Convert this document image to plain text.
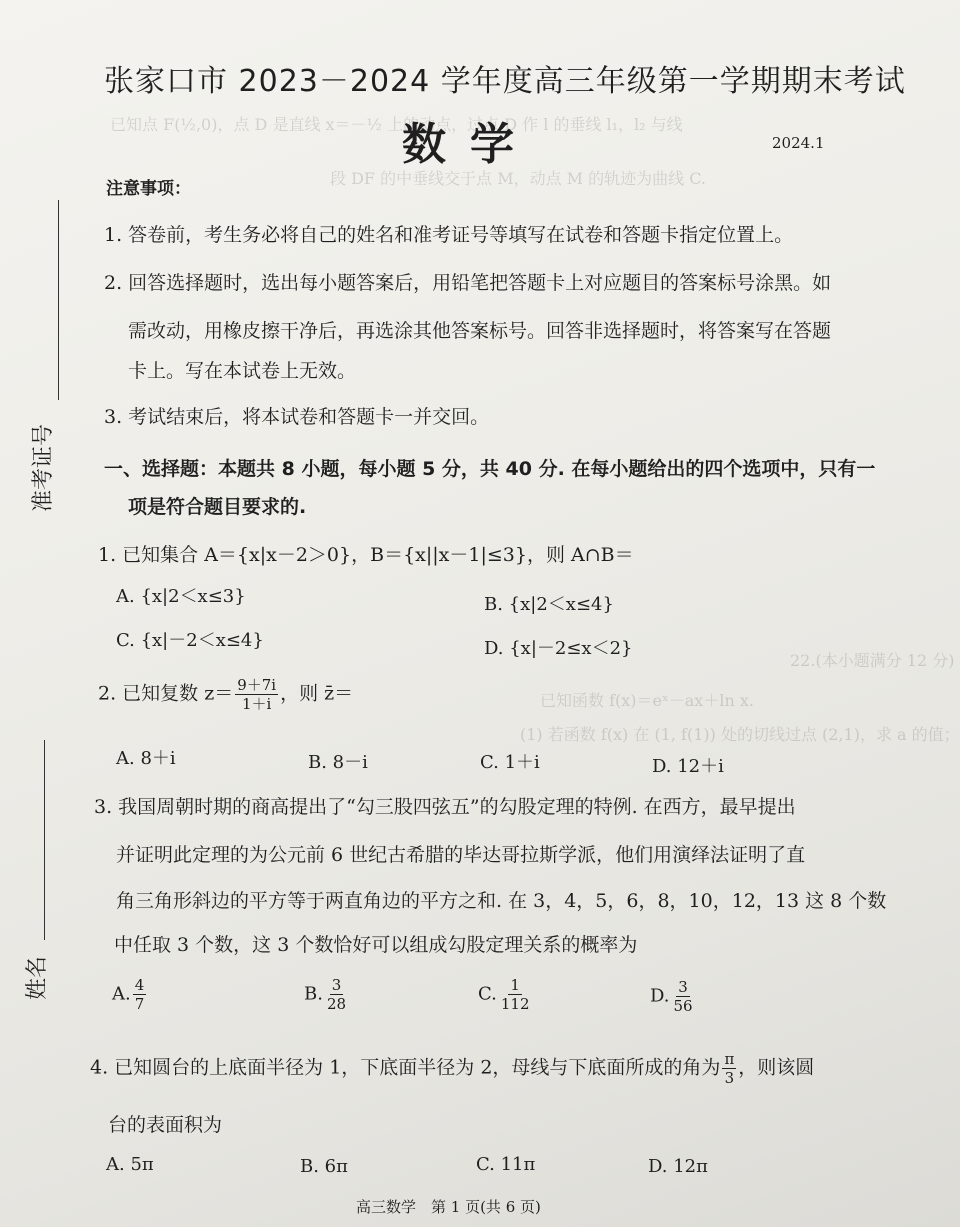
已知点 F(½,0)，点 D 是直线 x＝－½ 上的动点，过点 D 作 l 的垂线 l₁，l₂ 与线
段 DF 的中垂线交于点 M，动点 M 的轨迹为曲线 C.
22.(本小题满分 12 分)
已知函数 f(x)＝eˣ－ax＋ln x.
(1) 若函数 f(x) 在 (1, f(1)) 处的切线过点 (2,1)，求 a 的值；
张家口市 2023－2024 学年度高三年级第一学期期末考试
数学	2024.1
准考证号
姓名
注意事项：
1. 答卷前，考生务必将自己的姓名和准考证号等填写在试卷和答题卡指定位置上。
2. 回答选择题时，选出每小题答案后，用铅笔把答题卡上对应题目的答案标号涂黑。如
需改动，用橡皮擦干净后，再选涂其他答案标号。回答非选择题时，将答案写在答题
卡上。写在本试卷上无效。
3. 考试结束后，将本试卷和答题卡一并交回。
一、选择题：本题共 8 小题，每小题 5 分，共 40 分. 在每小题给出的四个选项中，只有一
项是符合题目要求的.
1. 已知集合 A＝{x|x－2＞0}，B＝{x||x－1|≤3}，则 A∩B＝
A. {x|2＜x≤3}	B. {x|2＜x≤4}
C. {x|－2＜x≤4}	D. {x|－2≤x＜2}
2. 已知复数 $z= \frac{9+7i}{1+i}$ ，则 z̄＝
A. 8＋i	B. 8－i	C. 1＋i	D. 12＋i
3. 我国周朝时期的商高提出了“勾三股四弦五”的勾股定理的特例. 在西方，最早提出
并证明此定理的为公元前 6 世纪古希腊的毕达哥拉斯学派，他们用演绎法证明了直
角三角形斜边的平方等于两直角边的平方之和. 在 3，4，5，6，8，10，12，13 这 8 个数
中任取 3 个数，这 3 个数恰好可以组成勾股定理关系的概率为
A. $\frac{4}{7}$	B. $\frac{3}{28}$	C. $\frac{1}{112}$	D. $\frac{3}{56}$
4. 已知圆台的上底面半径为 1，下底面半径为 2，母线与下底面所成的角为 $\frac{\pi}{3}$ ，则该圆
台的表面积为
A. 5π	B. 6π	C. 11π	D. 12π
高三数学　第 1 页(共 6 页)
